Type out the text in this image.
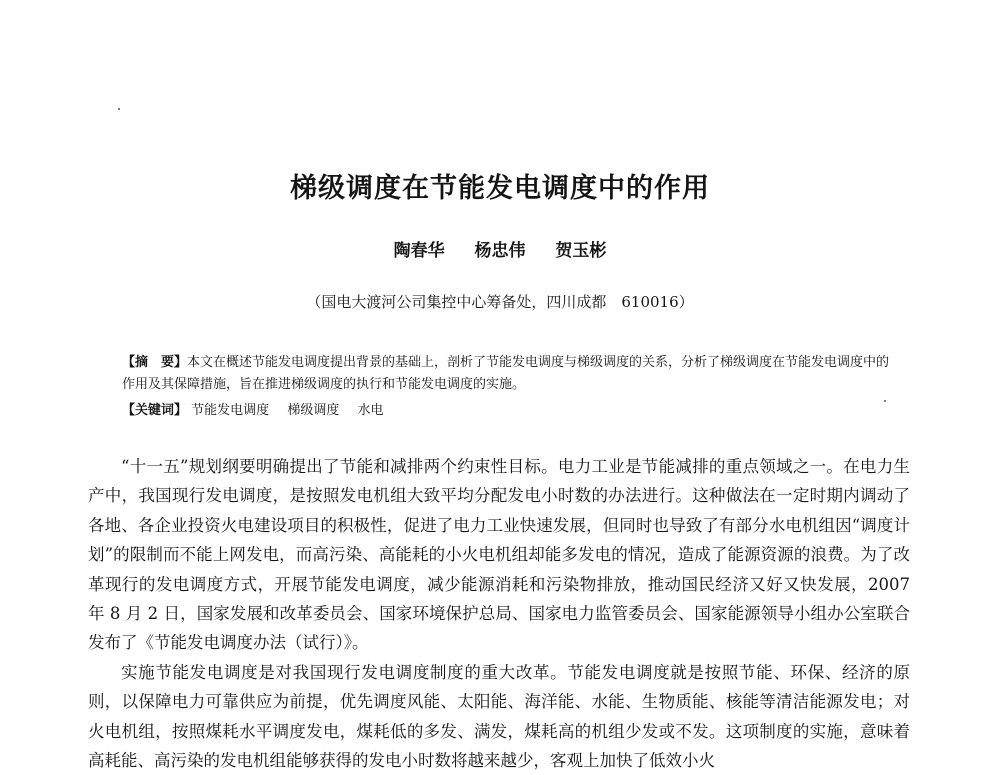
梯级调度在节能发电调度中的作用
陶春华 杨忠伟 贺玉彬
（国电大渡河公司集控中心筹备处，四川成都　610016）
【摘　要】本文在概述节能发电调度提出背景的基础上，剖析了节能发电调度与梯级调度的关系，分析了梯级调度在节能发电调度中的作用及其保障措施，旨在推进梯级调度的执行和节能发电调度的实施。
【关键词】 节能发电调度 梯级调度 水电

“十一五”规划纲要明确提出了节能和减排两个约束性目标。电力工业是节能减排的重点领域之一。在电力生产中，我国现行发电调度，是按照发电机组大致平均分配发电小时数的办法进行。这种做法在一定时期内调动了各地、各企业投资火电建设项目的积极性，促进了电力工业快速发展，但同时也导致了有部分水电机组因“调度计划”的限制而不能上网发电，而高污染、高能耗的小火电机组却能多发电的情况，造成了能源资源的浪费。为了改革现行的发电调度方式，开展节能发电调度，减少能源消耗和污染物排放，推动国民经济又好又快发展，2007 年 8 月 2 日，国家发展和改革委员会、国家环境保护总局、国家电力监管委员会、国家能源领导小组办公室联合发布了《节能发电调度办法（试行）》。

实施节能发电调度是对我国现行发电调度制度的重大改革。节能发电调度就是按照节能、环保、经济的原则，以保障电力可靠供应为前提，优先调度风能、太阳能、海洋能、水能、生物质能、核能等清洁能源发电；对火电机组，按照煤耗水平调度发电，煤耗低的多发、满发，煤耗高的机组少发或不发。这项制度的实施，意味着高耗能、高污染的发电机组能够获得的发电小时数将越来越少，客观上加快了低效小火
